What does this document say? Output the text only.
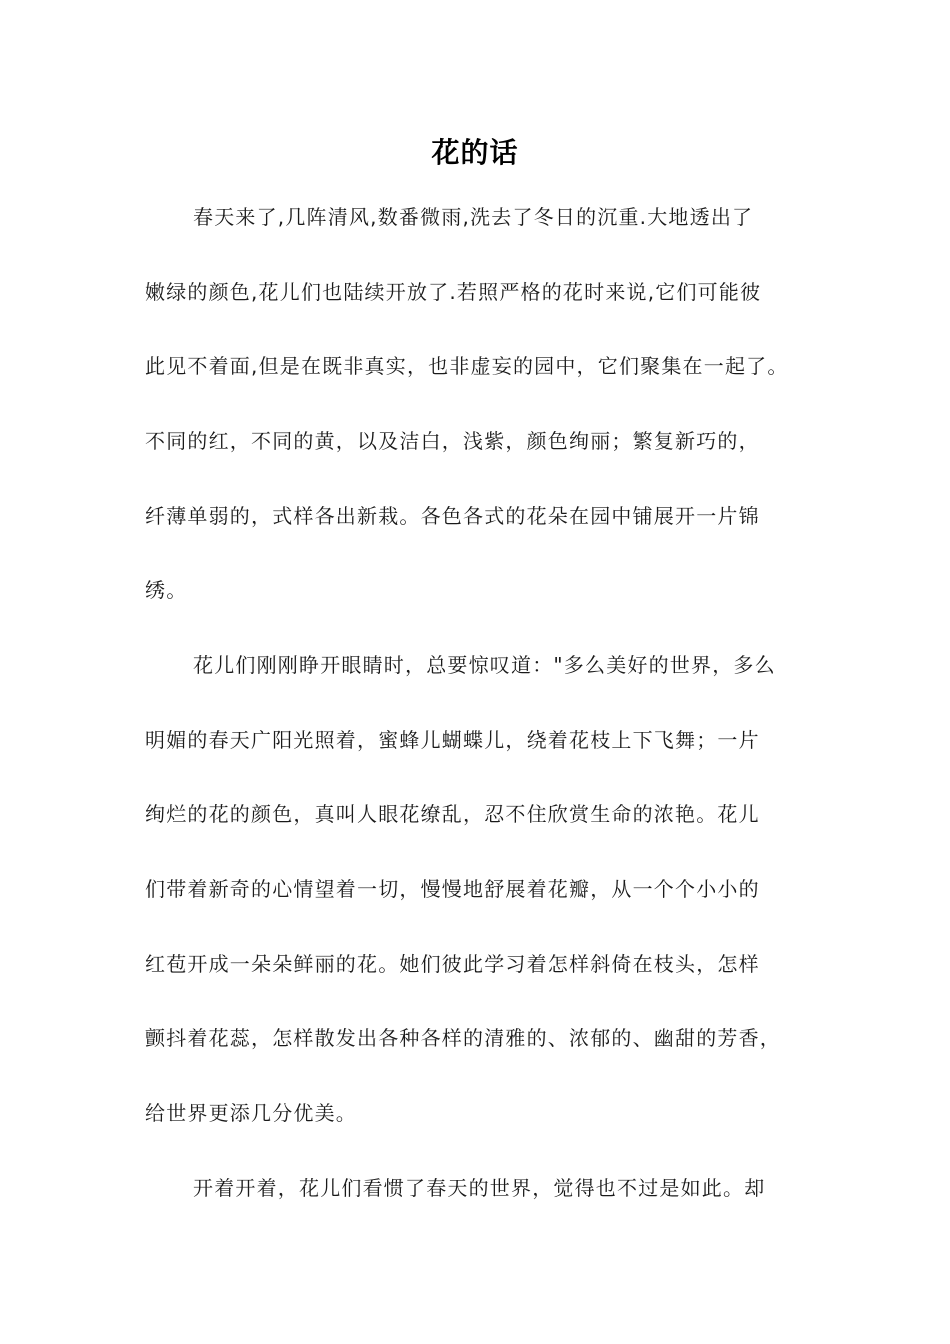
花的话
春天来了,几阵清风,数番微雨,洗去了冬日的沉重.大地透出了
嫩绿的颜色,花儿们也陆续开放了.若照严格的花时来说,它们可能彼
此见不着面,但是在既非真实，也非虚妄的园中，它们聚集在一起了。
不同的红，不同的黄，以及洁白，浅紫，颜色绚丽；繁复新巧的，
纤薄单弱的，式样各出新栽。各色各式的花朵在园中铺展开一片锦
绣。
花儿们刚刚睁开眼睛时，总要惊叹道："多么美好的世界，多么
明媚的春天广阳光照着，蜜蜂儿蝴蝶儿，绕着花枝上下飞舞；一片
绚烂的花的颜色，真叫人眼花缭乱，忍不住欣赏生命的浓艳。花儿
们带着新奇的心情望着一切，慢慢地舒展着花瓣，从一个个小小的
红苞开成一朵朵鲜丽的花。她们彼此学习着怎样斜倚在枝头，怎样
颤抖着花蕊，怎样散发出各种各样的清雅的、浓郁的、幽甜的芳香，
给世界更添几分优美。
开着开着，花儿们看惯了春天的世界，觉得也不过是如此。却
